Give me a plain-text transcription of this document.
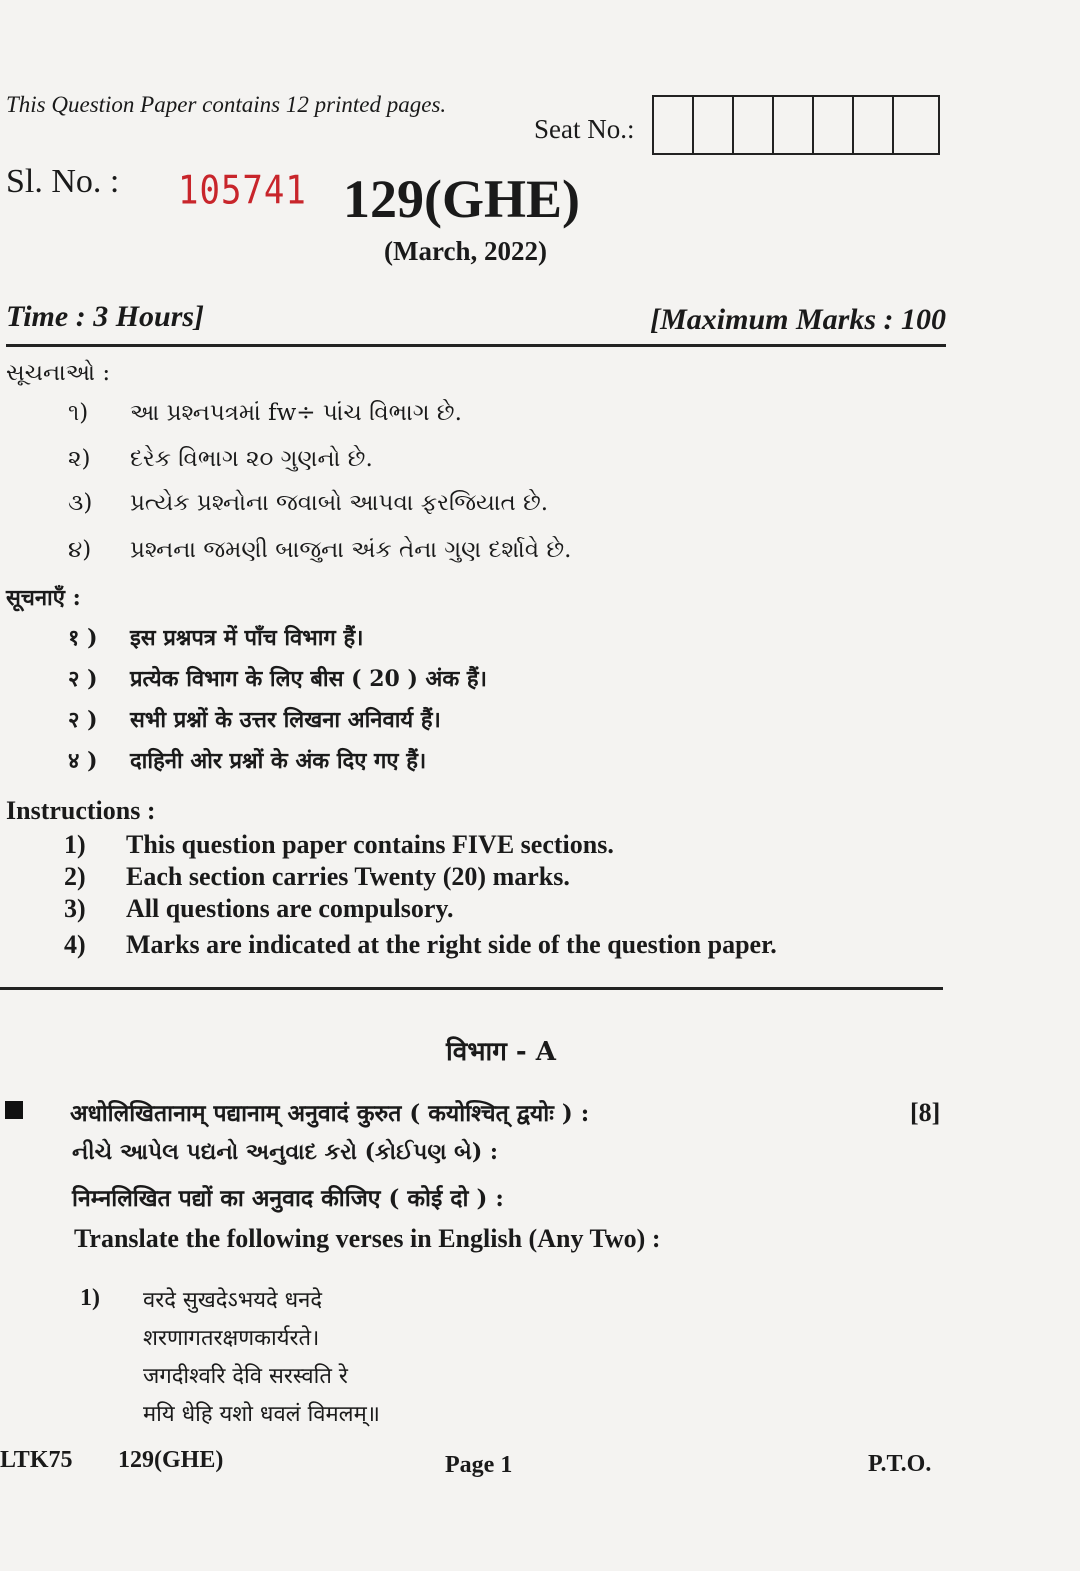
This Question Paper contains 12 printed pages.
Seat No.:
Sl. No. : 105741 129(GHE)
(March, 2022)
Time : 3 Hours]	[Maximum Marks : 100
સૂચનાઓ :
૧)	આ પ્રશ્નપત્રમાં fw÷ પાંચ વિભાગ છે.
૨)	દરેક વિભાગ ૨૦ ગુણનો છે.
૩)	પ્રત્યેક પ્રશ્નોના જવાબો આપવા ફરજિયાત છે.
૪)	પ્રશ્નના જમણી બાજુના અંક તેના ગુણ દર્શાવે છે.
सूचनाएँ :
१ )	इस प्रश्नपत्र में पाँच विभाग हैं।
२ )	प्रत्येक विभाग के लिए बीस ( 20 ) अंक हैं।
२ )	सभी प्रश्नों के उत्तर लिखना अनिवार्य हैं।
४ )	दाहिनी ओर प्रश्नों के अंक दिए गए हैं।
Instructions :
1)	This question paper contains FIVE sections.
2)	Each section carries Twenty (20) marks.
3)	All questions are compulsory.
4)	Marks are indicated at the right side of the question paper.
विभाग - A
अधोलिखितानाम् पद्यानाम् अनुवादं कुरुत ( कयोश्चित् द्वयोः ) :	[8]
નીચે આપેલ પદ્યનો અનુવાદ કરો (કોઈપણ બે) :
निम्नलिखित पद्यों का अनुवाद कीजिए ( कोई दो ) :
Translate the following verses in English (Any Two) :
1) वरदे सुखदेऽभयदे धनदे
शरणागतरक्षणकार्यरते।
जगदीश्वरि देवि सरस्वति रे
मयि धेहि यशो धवलं विमलम्॥
LTK75 129(GHE)	Page 1	P.T.O.
